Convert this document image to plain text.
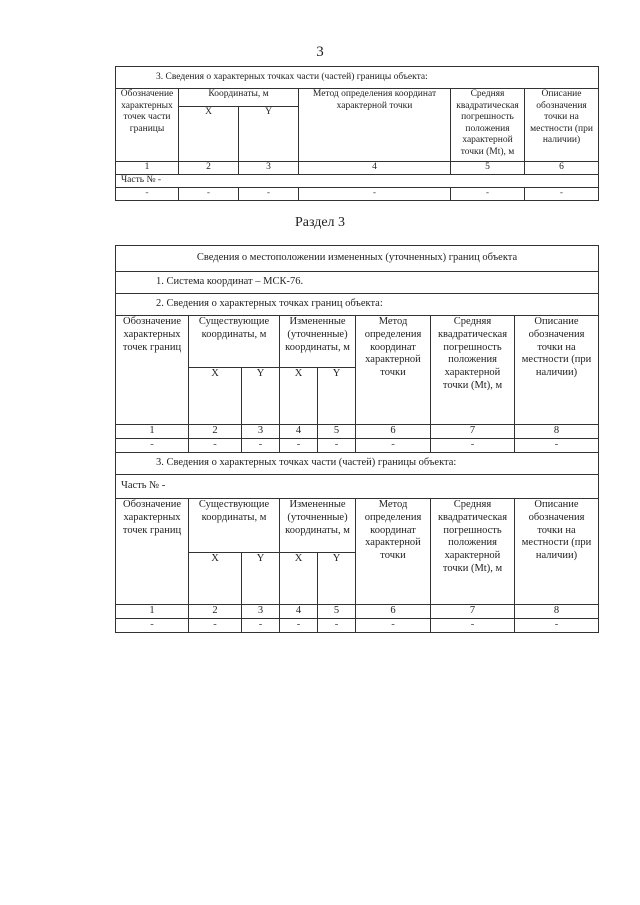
3
3. Сведения о характерных точках части (частей) границы объекта:					
Обозначение характерных точек части границы	Координаты, м		Метод определения координат характерной точки	Средняя квадратическая погрешность положения характерной точки (Mt), м	Описание обозначения точки на местности (при наличии)
	X	Y			
1	2	3	4	5	6
Часть № -					
-	-	-	-	-	-
Раздел 3
Сведения о местоположении измененных (уточненных) границ объекта							
1. Система координат – МСК-76.							
2. Сведения о характерных точках границ объекта:							
Обозначение характерных точек границ	Существующие координаты, м		Измененные (уточненные) координаты, м		Метод определения координат характерной точки	Средняя квадратическая погрешность положения характерной точки (Mt), м	Описание обозначения точки на местности (при наличии)
	X	Y	X	Y			
1	2	3	4	5	6	7	8
-	-	-	-	-	-	-	-
3. Сведения о характерных точках части (частей) границы объекта:							
Часть № -							
Обозначение характерных точек границ	Существующие координаты, м		Измененные (уточненные) координаты, м		Метод определения координат характерной точки	Средняя квадратическая погрешность положения характерной точки (Mt), м	Описание обозначения точки на местности (при наличии)
	X	Y	X	Y			
1	2	3	4	5	6	7	8
-	-	-	-	-	-	-	-
